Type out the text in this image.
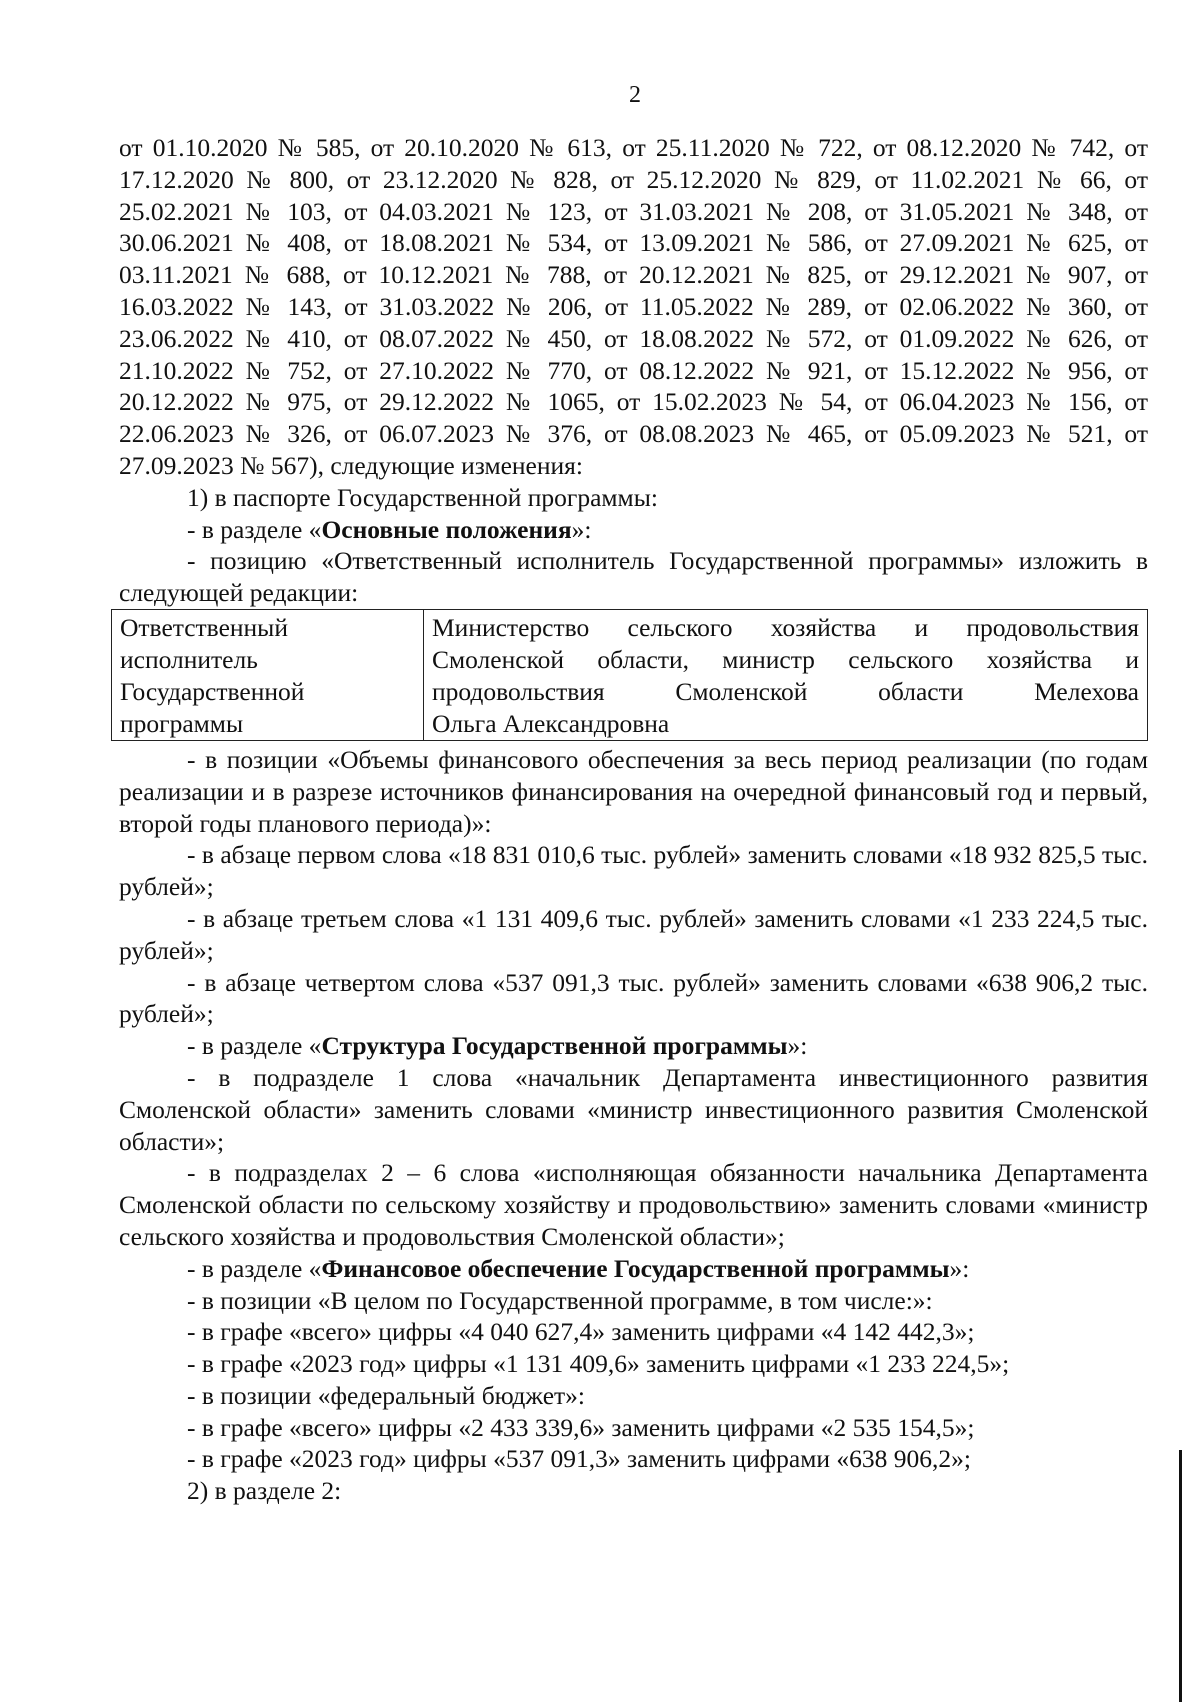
2

от 01.10.2020 № 585, от 20.10.2020 № 613, от 25.11.2020 № 722, от 08.12.2020 № 742, от 17.12.2020 № 800, от 23.12.2020 № 828, от 25.12.2020 № 829, от 11.02.2021 № 66, от 25.02.2021 № 103, от 04.03.2021 № 123, от 31.03.2021 № 208, от 31.05.2021 № 348, от 30.06.2021 № 408, от 18.08.2021 № 534, от 13.09.2021 № 586, от 27.09.2021 № 625, от 03.11.2021 № 688, от 10.12.2021 № 788, от 20.12.2021 № 825, от 29.12.2021 № 907, от 16.03.2022 № 143, от 31.03.2022 № 206, от 11.05.2022 № 289, от 02.06.2022 № 360, от 23.06.2022 № 410, от 08.07.2022 № 450, от 18.08.2022 № 572, от 01.09.2022 № 626, от 21.10.2022 № 752, от 27.10.2022 № 770, от 08.12.2022 № 921, от 15.12.2022 № 956, от 20.12.2022 № 975, от 29.12.2022 № 1065, от 15.02.2023 № 54, от 06.04.2023 № 156, от 22.06.2023 № 326, от 06.07.2023 № 376, от 08.08.2023 № 465, от 05.09.2023 № 521, от 27.09.2023 № 567), следующие изменения:

1) в паспорте Государственной программы:

- в разделе «Основные положения»:

- позицию «Ответственный исполнитель Государственной программы» изложить в следующей редакции:

Ответственный
исполнитель
Государственной
программы
	Министерство сельского хозяйства и продовольствия Смоленской области, министр сельского хозяйства и продовольствия Смоленской области Мелехова
Ольга Александровна

- в позиции «Объемы финансового обеспечения за весь период реализации (по годам реализации и в разрезе источников финансирования на очередной финансовый год и первый, второй годы планового периода)»:

- в абзаце первом слова «18 831 010,6 тыс. рублей» заменить словами «18 932 825,5 тыс. рублей»;

- в абзаце третьем слова «1 131 409,6 тыс. рублей» заменить словами «1 233 224,5 тыс. рублей»;

- в абзаце четвертом слова «537 091,3 тыс. рублей» заменить словами «638 906,2 тыс. рублей»;

- в разделе «Структура Государственной программы»:

- в подразделе 1 слова «начальник Департамента инвестиционного развития Смоленской области» заменить словами «министр инвестиционного развития Смоленской области»;

- в подразделах 2 – 6 слова «исполняющая обязанности начальника Департамента Смоленской области по сельскому хозяйству и продовольствию» заменить словами «министр сельского хозяйства и продовольствия Смоленской области»;

- в разделе «Финансовое обеспечение Государственной программы»:

- в позиции «В целом по Государственной программе, в том числе:»:

- в графе «всего» цифры «4 040 627,4» заменить цифрами «4 142 442,3»;

- в графе «2023 год» цифры «1 131 409,6» заменить цифрами «1 233 224,5»;

- в позиции «федеральный бюджет»:

- в графе «всего» цифры «2 433 339,6» заменить цифрами «2 535 154,5»;

- в графе «2023 год» цифры «537 091,3» заменить цифрами «638 906,2»;

2) в разделе 2:
